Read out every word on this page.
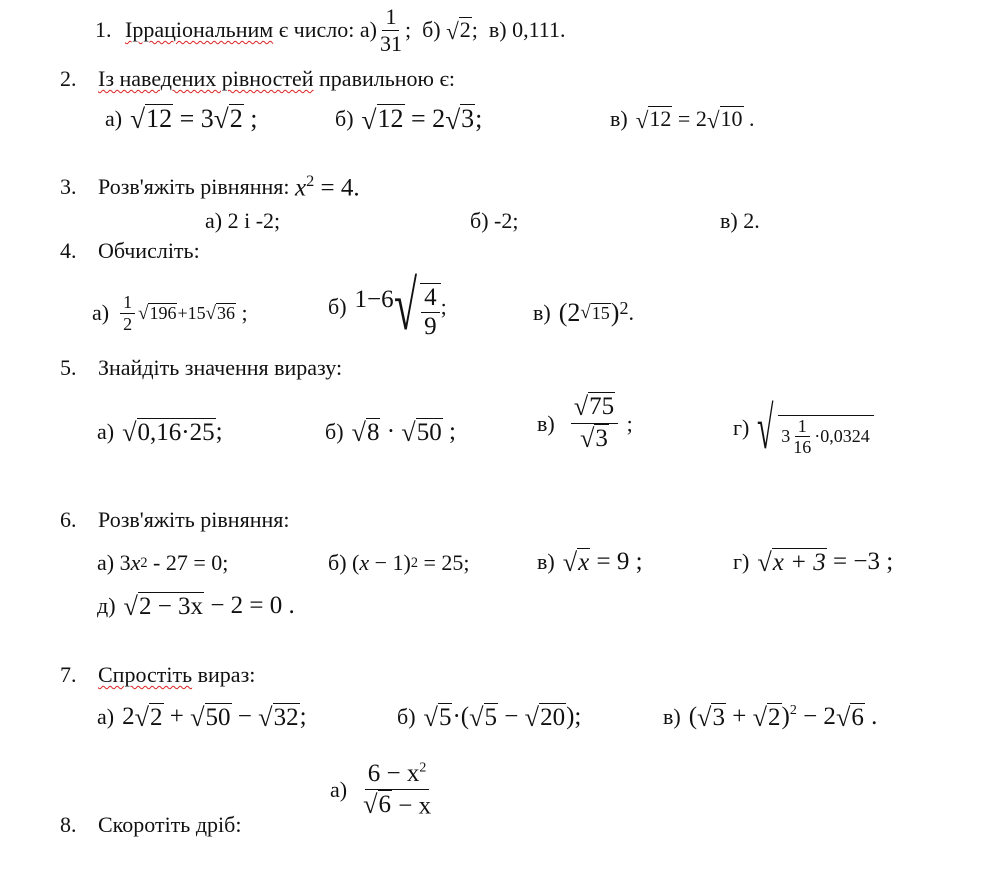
1. Ірраціональним
є число: $а) \frac{1}{31}$ ;
б)
√ 2 ;
в) 0,111.
2. Із наведених рівностей
правильною є:
а) √ 12
= 3 √ 2
;	б) √ 12
= 2 √ 3 ;	в) √ 12
= 2 √ 10
.
3. Розв'яжіть рівняння:
$x^2 = 4$.
а) 2 і -2;	б) -2;	в) 2.
4. Обчисліть:
$а) \frac{1}{2}$ √ 196 +15 √ 36
;	б) 1−6 √ $\frac{4}{9}$ ;	в) (2 √ 15 ) 2 .
5. Знайдіть значення виразу:
а) √ 0,16·25 ;	б) √ 8
·
√ 50
;	$в) \frac{√ 75}{√ 3}$
;	г) √ $3 \frac{1}{16} \cdot 0,0324$
6. Розв'яжіть рівняння:
а) 3 x 2
- 27 = 0;	б) ( x
− 1) 2
= 25;	в) √ x
= 9 ;	г) √ x + 3
= −3 ;
д) √ 2 − 3x
− 2 = 0 .
7. Спростіть
вираз:
а) 2 √ 2
+
√ 50
−
√ 32 ;	б) √ 5 ·( √ 5
−
√ 20 );	в) ( √ 3
+
√ 2 ) 2
− 2 √ 6
.
8. Скоротіть дріб:
$а) \frac{6 - x^2}{√ 6 - x}$
